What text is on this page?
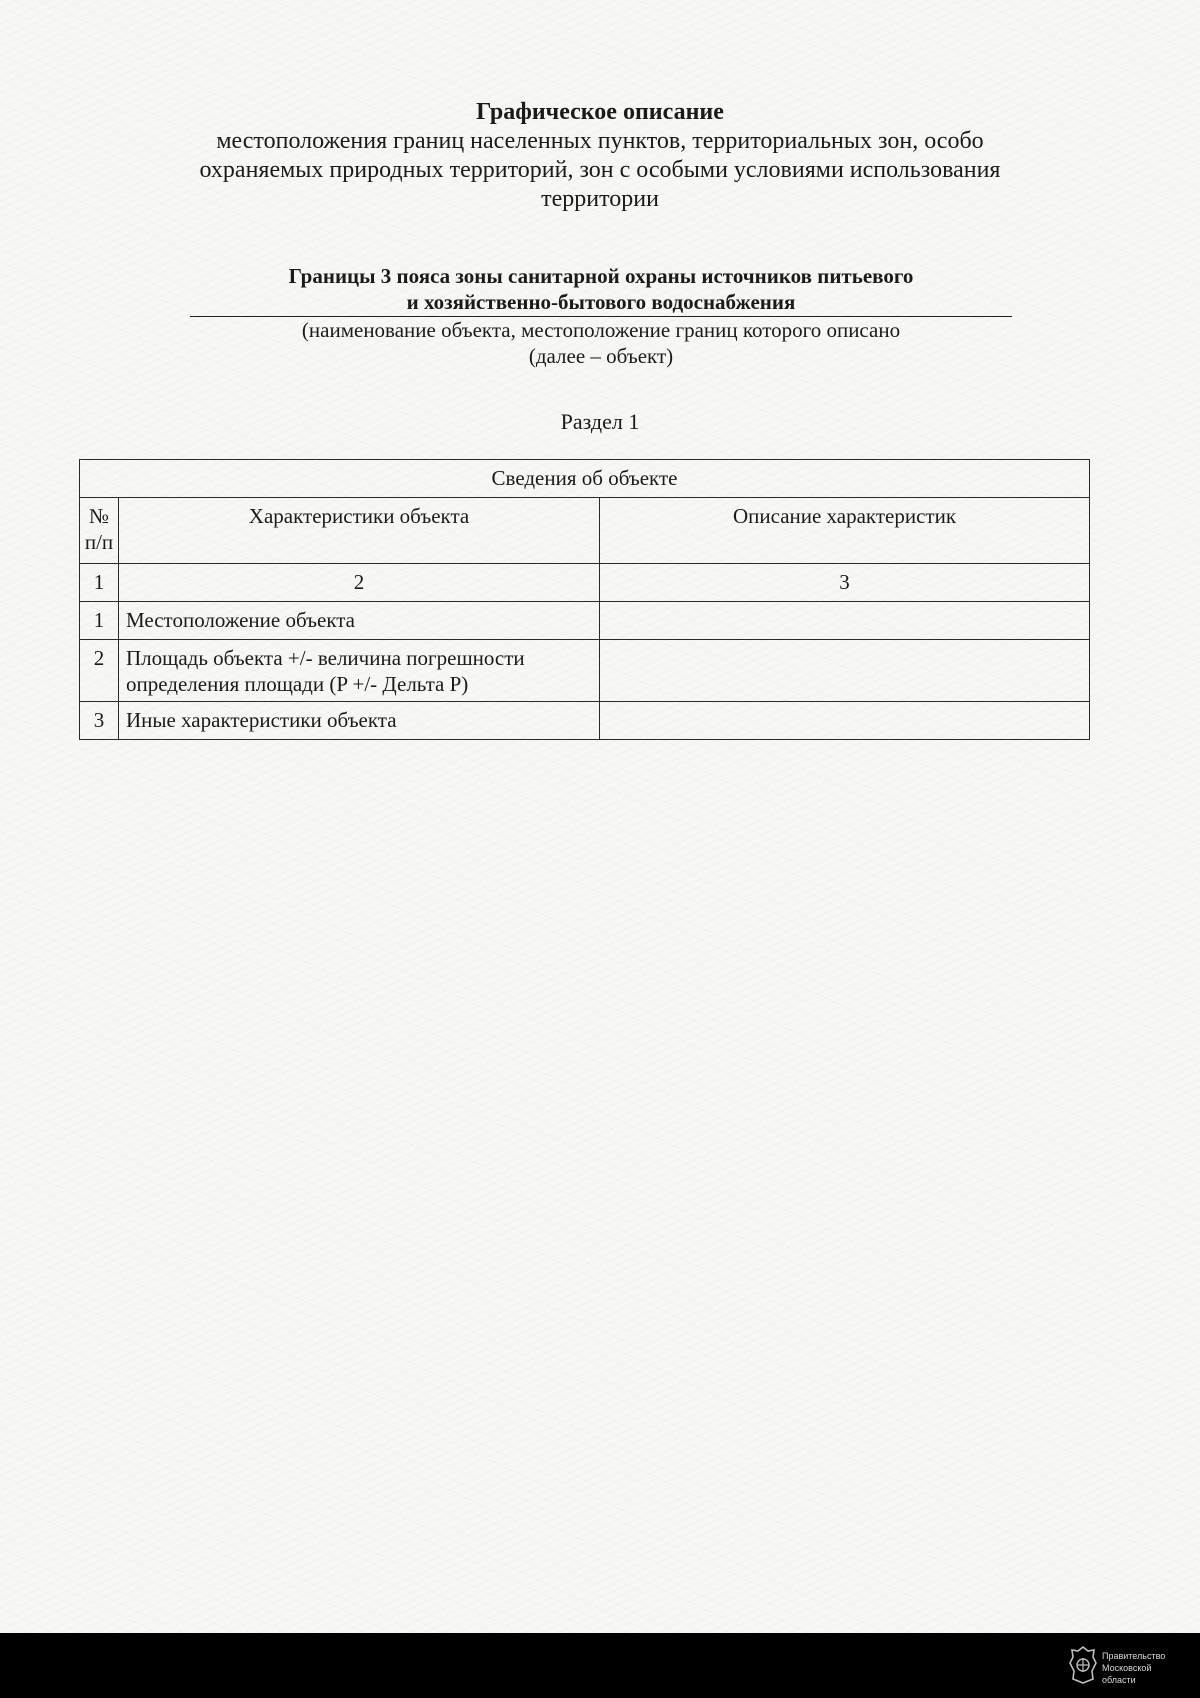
Графическое описание
местоположения границ населенных пунктов, территориальных зон, особо охраняемых природных территорий, зон с особыми условиями использования территории
Границы 3 пояса зоны санитарной охраны источников питьевого
и хозяйственно-бытового водоснабжения
(наименование объекта, местоположение границ которого описано
(далее – объект)
Раздел 1
Сведения об объекте		
№ п/п	Характеристики объекта	Описание характеристик
1	2	3
1	Местоположение объекта	
2	Площадь объекта +/- величина погрешности определения площади (P +/- Дельта P)	
3	Иные характеристики объекта	
Правительство Московской области
